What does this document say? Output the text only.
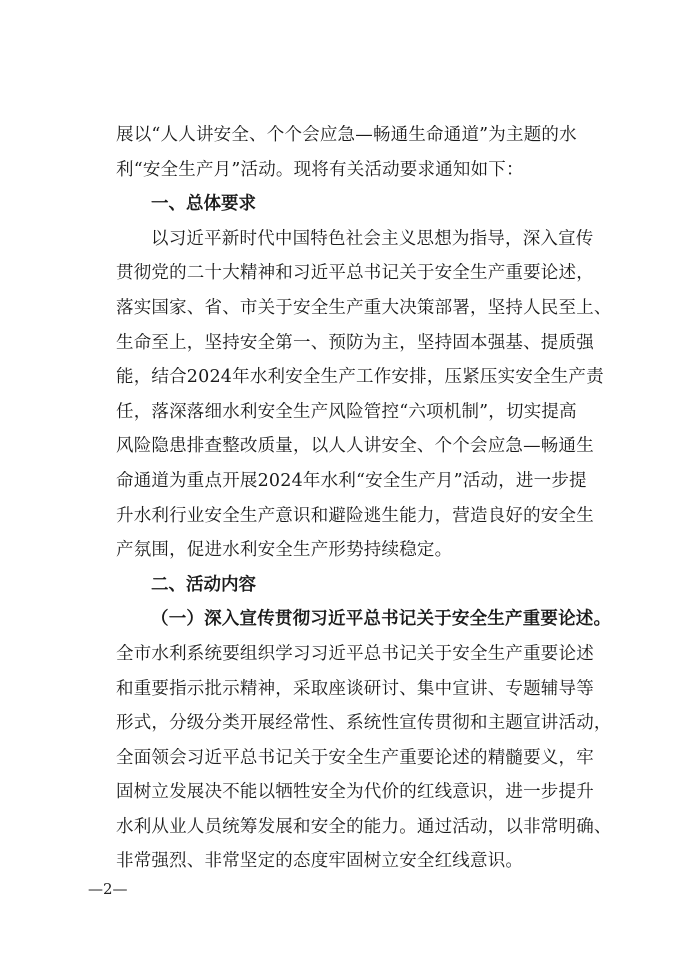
展以“人人讲安全、个个会应急—畅通生命通道”为主题的水
利“安全生产月”活动。现将有关活动要求通知如下：
一、总体要求
以习近平新时代中国特色社会主义思想为指导，深入宣传
贯彻党的二十大精神和习近平总书记关于安全生产重要论述，
落实国家、省、市关于安全生产重大决策部署，坚持人民至上、
生命至上，坚持安全第一、预防为主，坚持固本强基、提质强
能，结合2024年水利安全生产工作安排，压紧压实安全生产责
任，落深落细水利安全生产风险管控“六项机制”，切实提高
风险隐患排查整改质量，以人人讲安全、个个会应急—畅通生
命通道为重点开展2024年水利“安全生产月”活动，进一步提
升水利行业安全生产意识和避险逃生能力，营造良好的安全生
产氛围，促进水利安全生产形势持续稳定。
二、活动内容
（一）深入宣传贯彻习近平总书记关于安全生产重要论述。
全市水利系统要组织学习习近平总书记关于安全生产重要论述
和重要指示批示精神，采取座谈研讨、集中宣讲、专题辅导等
形式，分级分类开展经常性、系统性宣传贯彻和主题宣讲活动，
全面领会习近平总书记关于安全生产重要论述的精髓要义，牢
固树立发展决不能以牺牲安全为代价的红线意识，进一步提升
水利从业人员统筹发展和安全的能力。通过活动，以非常明确、
非常强烈、非常坚定的态度牢固树立安全红线意识。
—2—
